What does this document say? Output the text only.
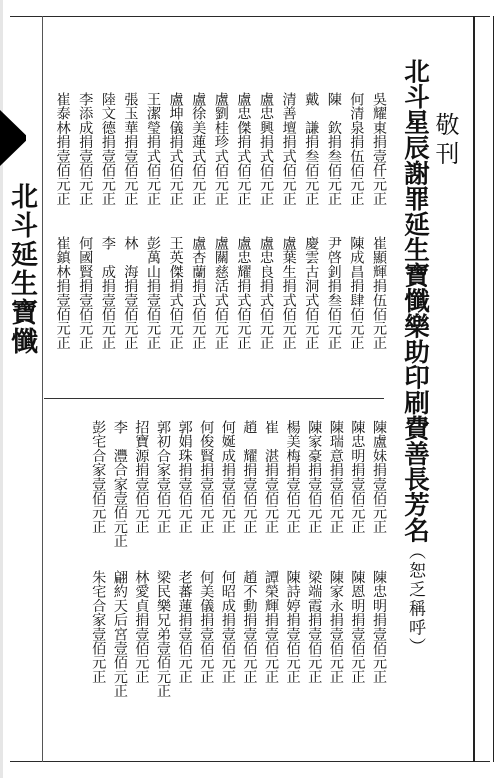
北斗延生寶懺
敬刊
北斗星辰謝罪延生寶懺樂助印刷費善長芳名（恕乏稱呼）
吳耀東捐壹仟元正
崔顯輝捐伍佰元正
何清泉捐伍佰元正
陳成昌捐肆佰元正
陳　欽捐叁佰元正
尹啓釗捐叁佰元正
戴　謙捐叁佰元正
慶雲古洞式佰元正
清善壇捐式佰元正
盧葉生捐式佰元正
盧忠興捐式佰元正
盧忠良捐式佰元正
盧忠傑捐式佰元正
盧忠耀捐式佰元正
盧劉桂珍式佰元正
盧關慈活式佰元正
盧徐美蓮式佰元正
盧杏蘭捐式佰元正
盧坤儀捐式佰元正
王英傑捐式佰元正
王潔瑩捐式佰元正
彭萬山捐壹佰元正
張玉華捐壹佰元正
林　海捐壹佰元正
陸文德捐壹佰元正
李　成捐壹佰元正
李添成捐壹佰元正
何國賢捐壹佰元正
崔泰林捐壹佰元正
崔鎮林捐壹佰元正
陳盧妹捐壹佰元正
陳忠明捐壹佰元正
陳忠明捐壹佰元正
陳恩明捐壹佰元正
陳瑞意捐壹佰元正
陳家永捐壹佰元正
陳家豪捐壹佰元正
梁端霞捐壹佰元正
楊美梅捐壹佰元正
陳詩婷捐壹佰元正
崔　湛捐壹佰元正
譚榮輝捐壹佰元正
趙　耀捐壹佰元正
趙不動捐壹佰元正
何娫成捐壹佰元正
何昭成捐壹佰元正
何俊賢捐壹佰元正
何美儀捐壹佰元正
郭娟珠捐壹佰元正
老蕃蓮捐壹佰元正
郭初合家壹佰元正
梁民樂兄弟壹佰元正
招寶源捐壹佰元正
林愛貞捐壹佰元正
李　灃合家壹佰元正
翩約天后宮壹佰元正
彭宅合家壹佰元正
朱宅合家壹佰元正
